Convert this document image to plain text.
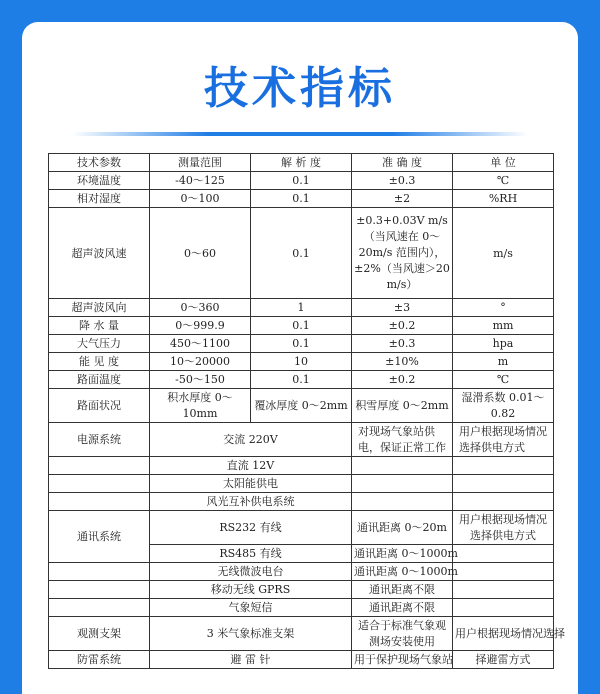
技术指标
技术参数	测量范围	解 析 度	准 确 度	单 位
环境温度	-40～125	0.1	±0.3	℃
相对湿度	0～100	0.1	±2	%RH
超声波风速	0～60	0.1	±0.3+0.03V m/s（当风速在 0～20m/s 范围内），±2%（当风速＞20 m/s）	m/s
超声波风向	0～360	1	±3	°
降 水 量	0～999.9	0.1	±0.2	mm
大气压力	450～1100	0.1	±0.3	hpa
能 见 度	10～20000	10	±10%	m
路面温度	-50～150	0.1	±0.2	℃
路面状况	积水厚度 0～10mm	覆冰厚度 0～2mm	积雪厚度 0～2mm	湿滑系数 0.01～0.82
电源系统	交流 220V		对现场气象站供电，保证正常工作	用户根据现场情况选择供电方式
	直流 12V			
	太阳能供电			
	风光互补供电系统			
通讯系统	RS232 有线		通讯距离 0～20m	用户根据现场情况选择供电方式
	RS485 有线		通讯距离 0～1000m	
	无线微波电台		通讯距离 0～1000m	
	移动无线 GPRS		通讯距离不限	
	气象短信		通讯距离不限	
观测支架	3 米气象标准支架		适合于标准气象观测场安装使用	用户根据现场情况选择
防雷系统	避 雷 针		用于保护现场气象站	择避雷方式
